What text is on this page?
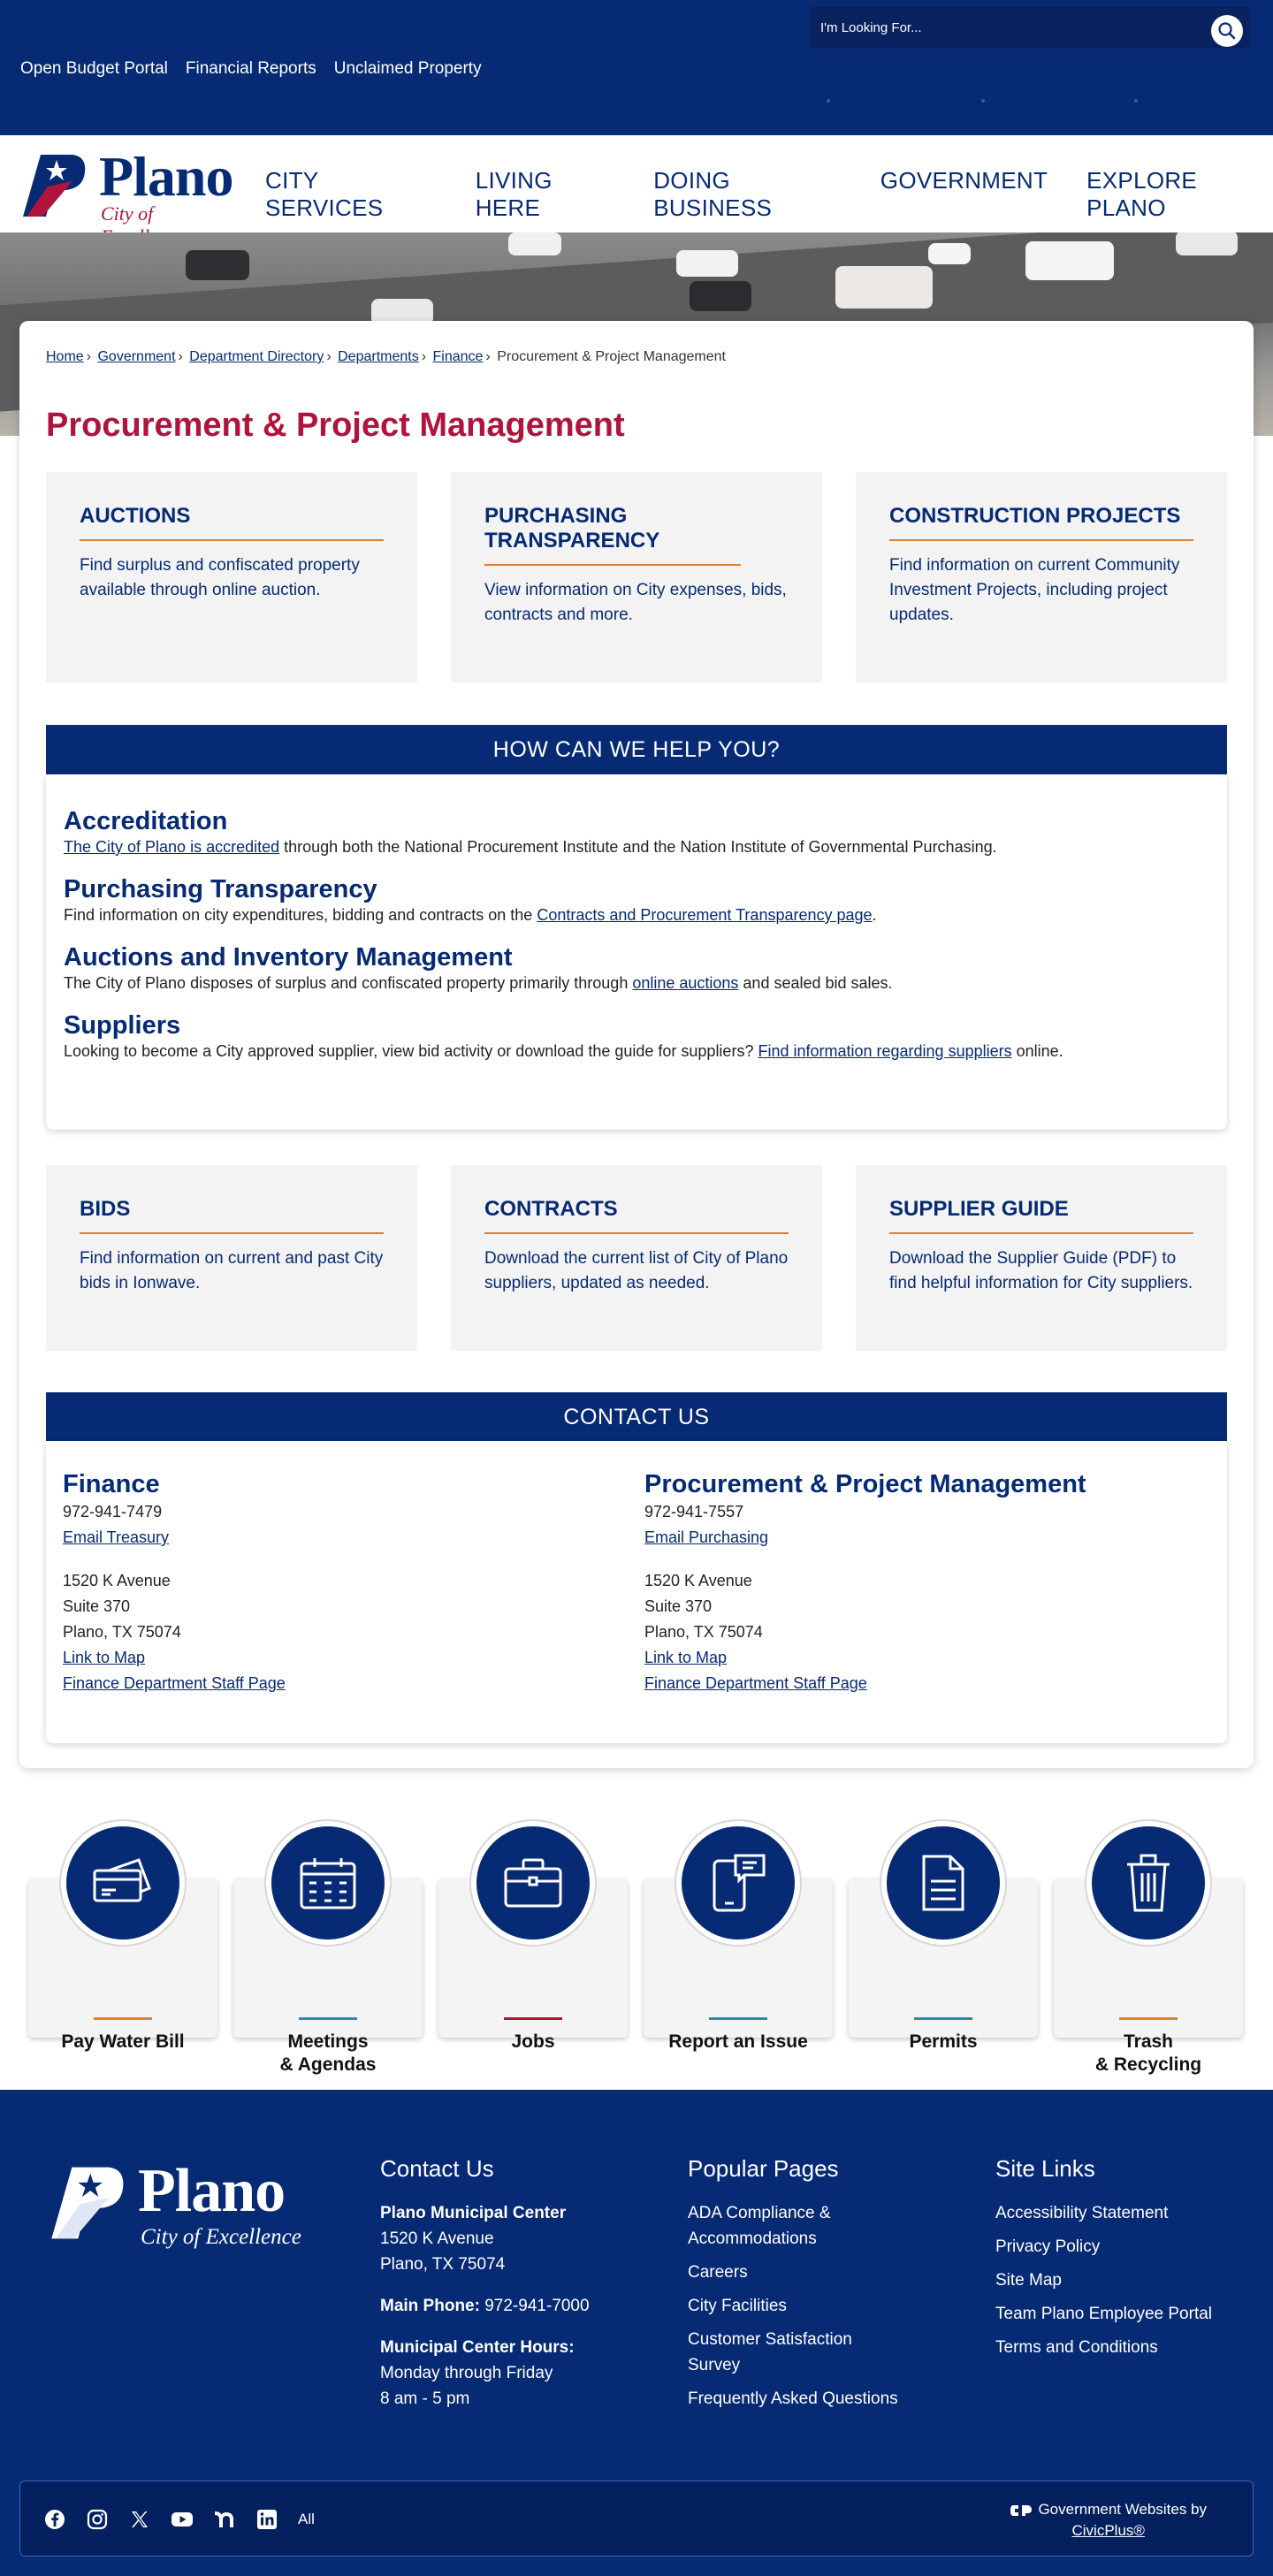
Open Budget Portal Financial Reports Unclaimed Property
I'm Looking For...
Plano
City of
CITY SERVICES
LIVING HERE
DOING BUSINESS
GOVERNMENT EXPLORE PLANO
Home › Government › Department Directory › Departments › Finance › Procurement & Project Management
Procurement & Project Management
AUCTIONS

Find surplus and confiscated property available through online auction.

PURCHASING TRANSPARENCY

View information on City expenses, bids, contracts and more.

CONSTRUCTION PROJECTS

Find information on current Community Investment Projects, including project updates.

HOW CAN WE HELP YOU?
Accreditation

The City of Plano is accredited through both the National Procurement Institute and the Nation Institute of Governmental Purchasing.

Purchasing Transparency

Find information on city expenditures, bidding and contracts on the Contracts and Procurement Transparency page.

Auctions and Inventory Management

The City of Plano disposes of surplus and confiscated property primarily through online auctions and sealed bid sales.

Suppliers

Looking to become a City approved supplier, view bid activity or download the guide for suppliers? Find information regarding suppliers online.

BIDS

Find information on current and past City bids in Ionwave.

CONTRACTS

Download the current list of City of Plano suppliers, updated as needed.

SUPPLIER GUIDE

Download the Supplier Guide (PDF) to find helpful information for City suppliers.

CONTACT US
Finance
972-941-7479
Email Treasury
1520 K Avenue
Suite 370
Plano, TX 75074
Link to Map
Finance Department Staff Page
Procurement & Project Management
972-941-7557
Email Purchasing
1520 K Avenue
Suite 370
Plano, TX 75074
Link to Map
Finance Department Staff Page
Pay Water Bill	Meetings
& Agendas
Jobs	Report an Issue	Permits	Trash
& Recycling
Plano
City of Excellence
Contact Us
Plano Municipal Center
1520 K Avenue
Plano, TX 75074
Main Phone: 972-941-7000
Municipal Center Hours:
Monday through Friday
8 am - 5 pm
Popular Pages
ADA Compliance & Accommodations
Careers
City Facilities
Customer Satisfaction Survey
Frequently Asked Questions
Site Links
Accessibility Statement
Privacy Policy
Site Map
Team Plano Employee Portal
Terms and Conditions
All
Government Websites by
CivicPlus®
